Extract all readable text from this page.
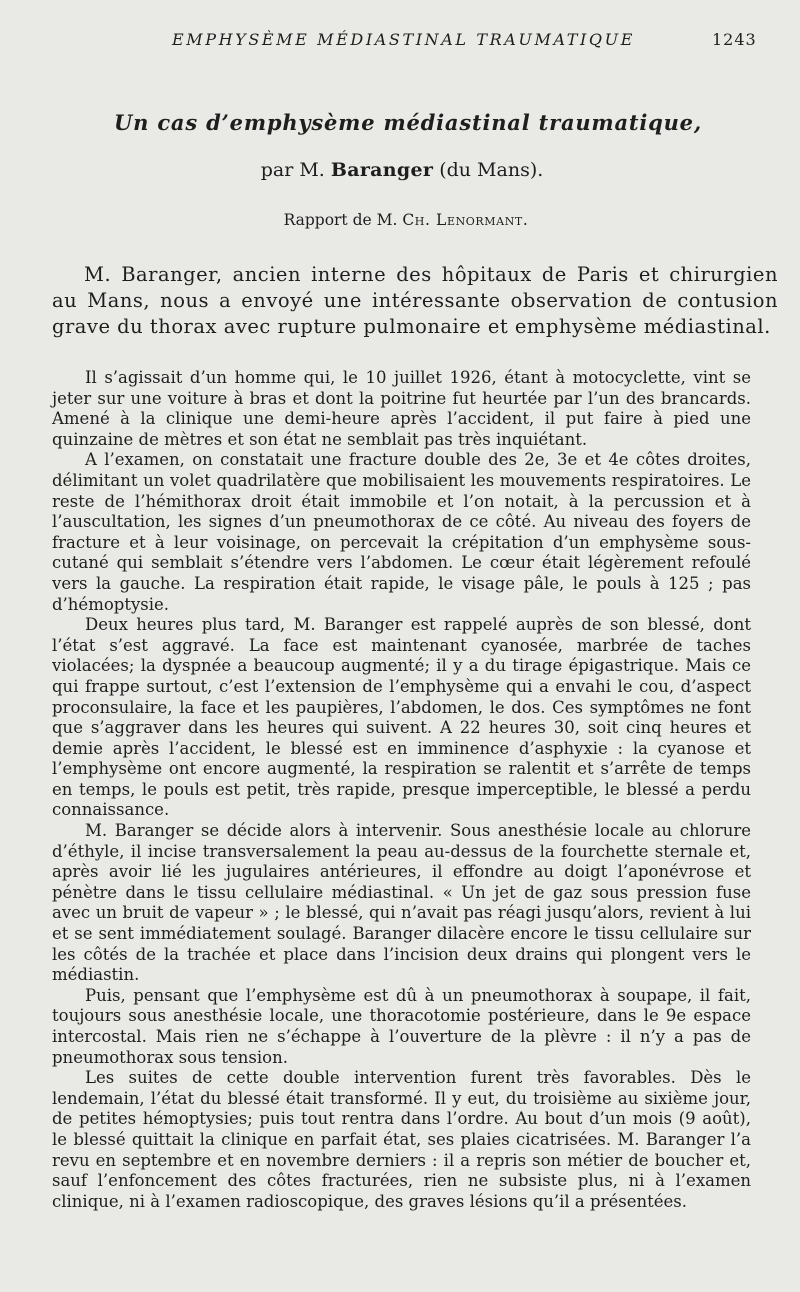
EMPHYSÈME MÉDIASTINAL TRAUMATIQUE	1243
Un cas d’emphysème médiastinal traumatique,
par M. Baranger (du Mans).
Rapport de M. Ch. Lenormant.

M. Baranger, ancien interne des hôpitaux de Paris et chirurgien au Mans, nous a envoyé une intéressante observation de contusion grave du thorax avec rupture pulmonaire et emphysème médiastinal.

Il s’agissait d’un homme qui, le 10 juillet 1926, étant à motocyclette, vint se jeter sur une voiture à bras et dont la poitrine fut heurtée par l’un des brancards. Amené à la clinique une demi-heure après l’accident, il put faire à pied une quinzaine de mètres et son état ne semblait pas très inquiétant.

A l’examen, on constatait une fracture double des 2e, 3e et 4e côtes droites, délimitant un volet quadrilatère que mobilisaient les mouvements respiratoires. Le reste de l’hémithorax droit était immobile et l’on notait, à la percussion et à l’auscultation, les signes d’un pneumothorax de ce côté. Au niveau des foyers de fracture et à leur voisinage, on percevait la crépitation d’un emphysème sous-cutané qui semblait s’étendre vers l’abdomen. Le cœur était légèrement refoulé vers la gauche. La respiration était rapide, le visage pâle, le pouls à 125 ; pas d’hémoptysie.

Deux heures plus tard, M. Baranger est rappelé auprès de son blessé, dont l’état s’est aggravé. La face est maintenant cyanosée, marbrée de taches violacées; la dyspnée a beaucoup augmenté; il y a du tirage épigastrique. Mais ce qui frappe surtout, c’est l’extension de l’emphysème qui a envahi le cou, d’aspect proconsulaire, la face et les paupières, l’abdomen, le dos. Ces symptômes ne font que s’aggraver dans les heures qui suivent. A 22 heures 30, soit cinq heures et demie après l’accident, le blessé est en imminence d’asphyxie : la cyanose et l’emphysème ont encore augmenté, la respiration se ralentit et s’arrête de temps en temps, le pouls est petit, très rapide, presque imperceptible, le blessé a perdu connaissance.

M. Baranger se décide alors à intervenir. Sous anesthésie locale au chlorure d’éthyle, il incise transversalement la peau au-dessus de la fourchette sternale et, après avoir lié les jugulaires antérieures, il effondre au doigt l’aponévrose et pénètre dans le tissu cellulaire médiastinal. « Un jet de gaz sous pression fuse avec un bruit de vapeur » ; le blessé, qui n’avait pas réagi jusqu’alors, revient à lui et se sent immédiatement soulagé. Baranger dilacère encore le tissu cellulaire sur les côtés de la trachée et place dans l’incision deux drains qui plongent vers le médiastin.

Puis, pensant que l’emphysème est dû à un pneumothorax à soupape, il fait, toujours sous anesthésie locale, une thoracotomie postérieure, dans le 9e espace intercostal. Mais rien ne s’échappe à l’ouverture de la plèvre : il n’y a pas de pneumothorax sous tension.

Les suites de cette double intervention furent très favorables. Dès le lendemain, l’état du blessé était transformé. Il y eut, du troisième au sixième jour, de petites hémoptysies; puis tout rentra dans l’ordre. Au bout d’un mois (9 août), le blessé quittait la clinique en parfait état, ses plaies cicatrisées. M. Baranger l’a revu en septembre et en novembre derniers : il a repris son métier de boucher et, sauf l’enfoncement des côtes fracturées, rien ne subsiste plus, ni à l’examen clinique, ni à l’examen radioscopique, des graves lésions qu’il a présentées.
